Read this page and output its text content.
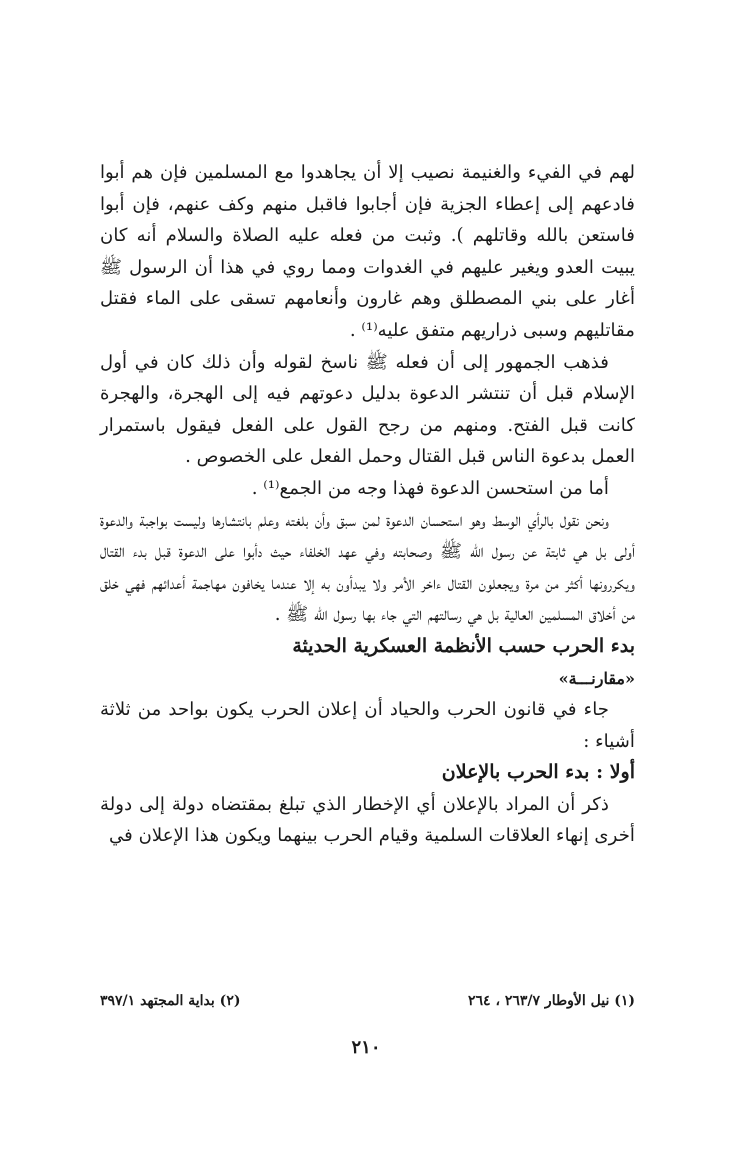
لهم في الفيء والغنيمة نصيب إلا أن يجاهدوا مع المسلمين فإن هم أبوا فادعهم إلى إعطاء الجزية فإن أجابوا فاقبل منهم وكف عنهم، فإن أبوا فاستعن بالله وقاتلهم ). وثبت من فعله عليه الصلاة والسلام أنه كان يبيت العدو ويغير عليهم في الغدوات ومما روي في هذا أن الرسول ﷺ أغار على بني المصطلق وهم غارون وأنعامهم تسقى على الماء فقتل مقاتليهم وسبى ذراريهم متفق عليه⁽¹⁾ .

فذهب الجمهور إلى أن فعله ﷺ ناسخ لقوله وأن ذلك كان في أول الإسلام قبل أن تنتشر الدعوة بدليل دعوتهم فيه إلى الهجرة، والهجرة كانت قبل الفتح. ومنهم من رجح القول على الفعل فيقول باستمرار العمل بدعوة الناس قبل القتال وحمل الفعل على الخصوص .

أما من استحسن الدعوة فهذا وجه من الجمع⁽¹⁾ .

ونحن نقول بالرأي الوسط وهو استحسان الدعوة لمن سبق وأن بلغته وعلم بانتشارها وليست بواجبة والدعوة أولى بل هي ثابتة عن رسول الله ﷺ وصحابته وفي عهد الخلفاء حيث دأبوا على الدعوة قبل بدء القتال ويكررونها أكثر من مرة ويجعلون القتال ءاخر الأمر ولا يبدأون به إلا عندما يخافون مهاجمة أعدائهم فهي خلق من أخلاق المسلمين العالية بل هي رسالتهم التي جاء بها رسول الله ﷺ .

بدء الحرب حسب الأنظمة العسكرية الحديثة

«مقارنـــة»

جاء في قانون الحرب والحياد أن إعلان الحرب يكون بواحد من ثلاثة أشياء :

أولا : بدء الحرب بالإعلان

ذكر أن المراد بالإعلان أي الإخطار الذي تبلغ بمقتضاه دولة إلى دولة أخرى إنهاء العلاقات السلمية وقيام الحرب بينهما ويكون هذا الإعلان في

(١) نيل الأوطار ٢٦٣/٧ ، ٢٦٤
(٢) بداية المجتهد ٣٩٧/١
٢١٠
